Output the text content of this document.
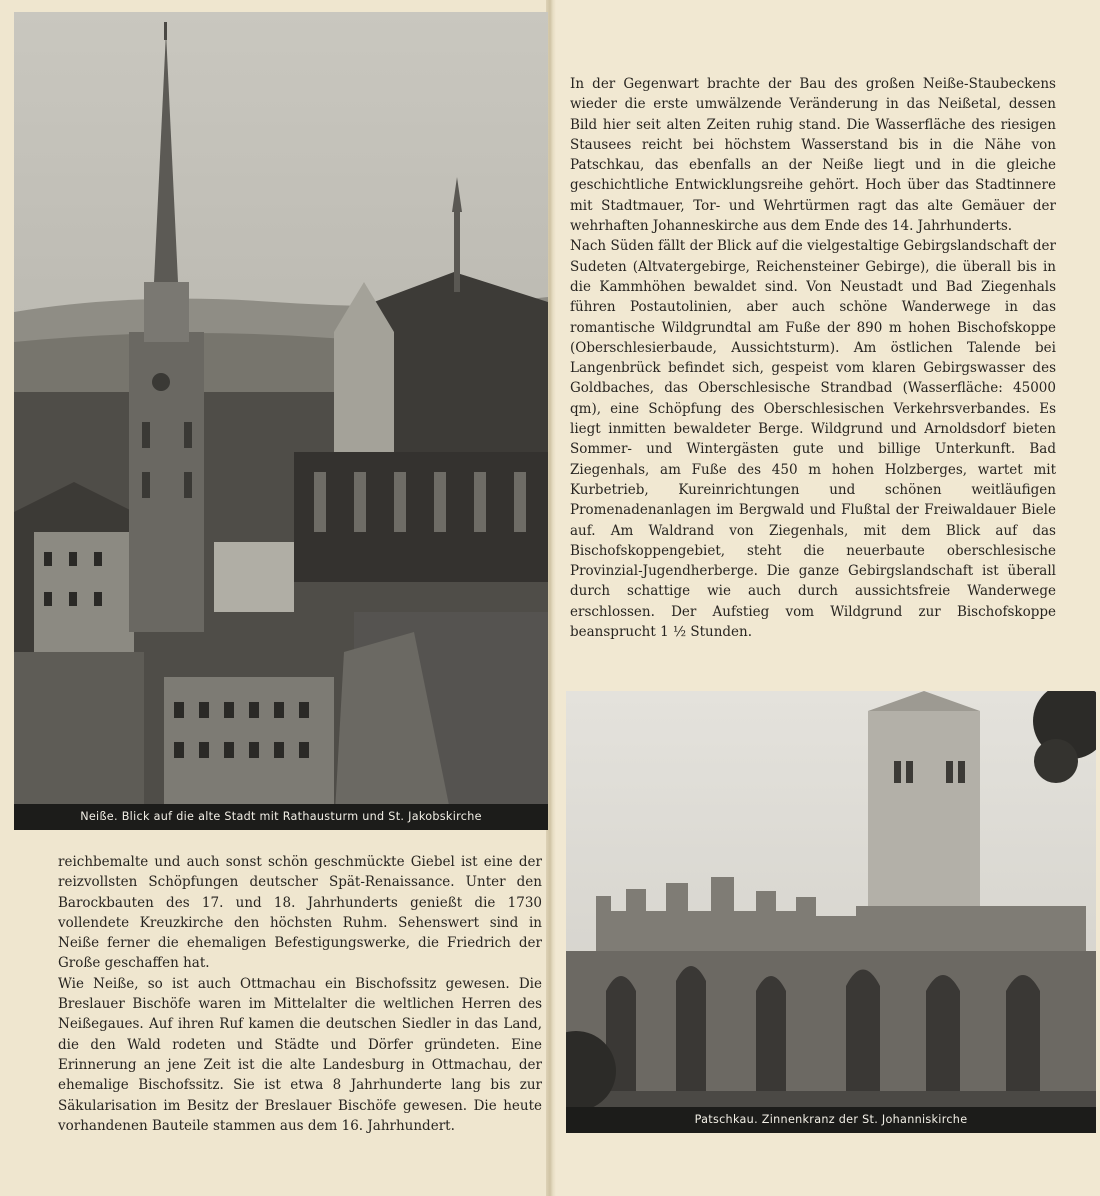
Neiße. Blick auf die alte Stadt mit Rathausturm und St. Jakobskirche

reichbemalte und auch sonst schön geschmückte Giebel ist eine der reizvollsten Schöpfungen deutscher Spät-Renaissance. Unter den Barockbauten des 17. und 18. Jahrhunderts genießt die 1730 vollendete Kreuzkirche den höchsten Ruhm. Sehenswert sind in Neiße ferner die ehemaligen Befestigungswerke, die Friedrich der Große geschaffen hat.

Wie Neiße, so ist auch Ottmachau ein Bischofssitz gewesen. Die Breslauer Bischöfe waren im Mittelalter die weltlichen Herren des Neißegaues. Auf ihren Ruf kamen die deutschen Siedler in das Land, die den Wald rodeten und Städte und Dörfer gründeten. Eine Erinnerung an jene Zeit ist die alte Landesburg in Ottmachau, der ehemalige Bischofssitz. Sie ist etwa 8 Jahrhunderte lang bis zur Säkularisation im Besitz der Breslauer Bischöfe gewesen. Die heute vorhandenen Bauteile stammen aus dem 16. Jahrhundert.

In der Gegenwart brachte der Bau des großen Neiße-Staubeckens wieder die erste umwälzende Veränderung in das Neißetal, dessen Bild hier seit alten Zeiten ruhig stand. Die Wasserfläche des riesigen Stausees reicht bei höchstem Wasserstand bis in die Nähe von Patschkau, das ebenfalls an der Neiße liegt und in die gleiche geschichtliche Entwicklungsreihe gehört. Hoch über das Stadtinnere mit Stadtmauer, Tor- und Wehrtürmen ragt das alte Gemäuer der wehrhaften Johanneskirche aus dem Ende des 14. Jahrhunderts.

Nach Süden fällt der Blick auf die vielgestaltige Gebirgslandschaft der Sudeten (Altvatergebirge, Reichensteiner Gebirge), die überall bis in die Kammhöhen bewaldet sind. Von Neustadt und Bad Ziegenhals führen Postautolinien, aber auch schöne Wanderwege in das romantische Wildgrundtal am Fuße der 890 m hohen Bischofskoppe (Oberschlesierbaude, Aussichtsturm). Am östlichen Talende bei Langenbrück befindet sich, gespeist vom klaren Gebirgswasser des Goldbaches, das Oberschlesische Strandbad (Wasserfläche: 45000 qm), eine Schöpfung des Oberschlesischen Verkehrsverbandes. Es liegt inmitten bewaldeter Berge. Wildgrund und Arnoldsdorf bieten Sommer- und Wintergästen gute und billige Unterkunft. Bad Ziegenhals, am Fuße des 450 m hohen Holzberges, wartet mit Kurbetrieb, Kureinrichtungen und schönen weitläufigen Promenadenanlagen im Bergwald und Flußtal der Freiwaldauer Biele auf. Am Waldrand von Ziegenhals, mit dem Blick auf das Bischofskoppengebiet, steht die neuerbaute oberschlesische Provinzial-Jugendherberge. Die ganze Gebirgslandschaft ist überall durch schattige wie auch durch aussichtsfreie Wanderwege erschlossen. Der Aufstieg vom Wildgrund zur Bischofskoppe beansprucht 1 ½ Stunden.

Patschkau. Zinnenkranz der St. Johanniskirche
